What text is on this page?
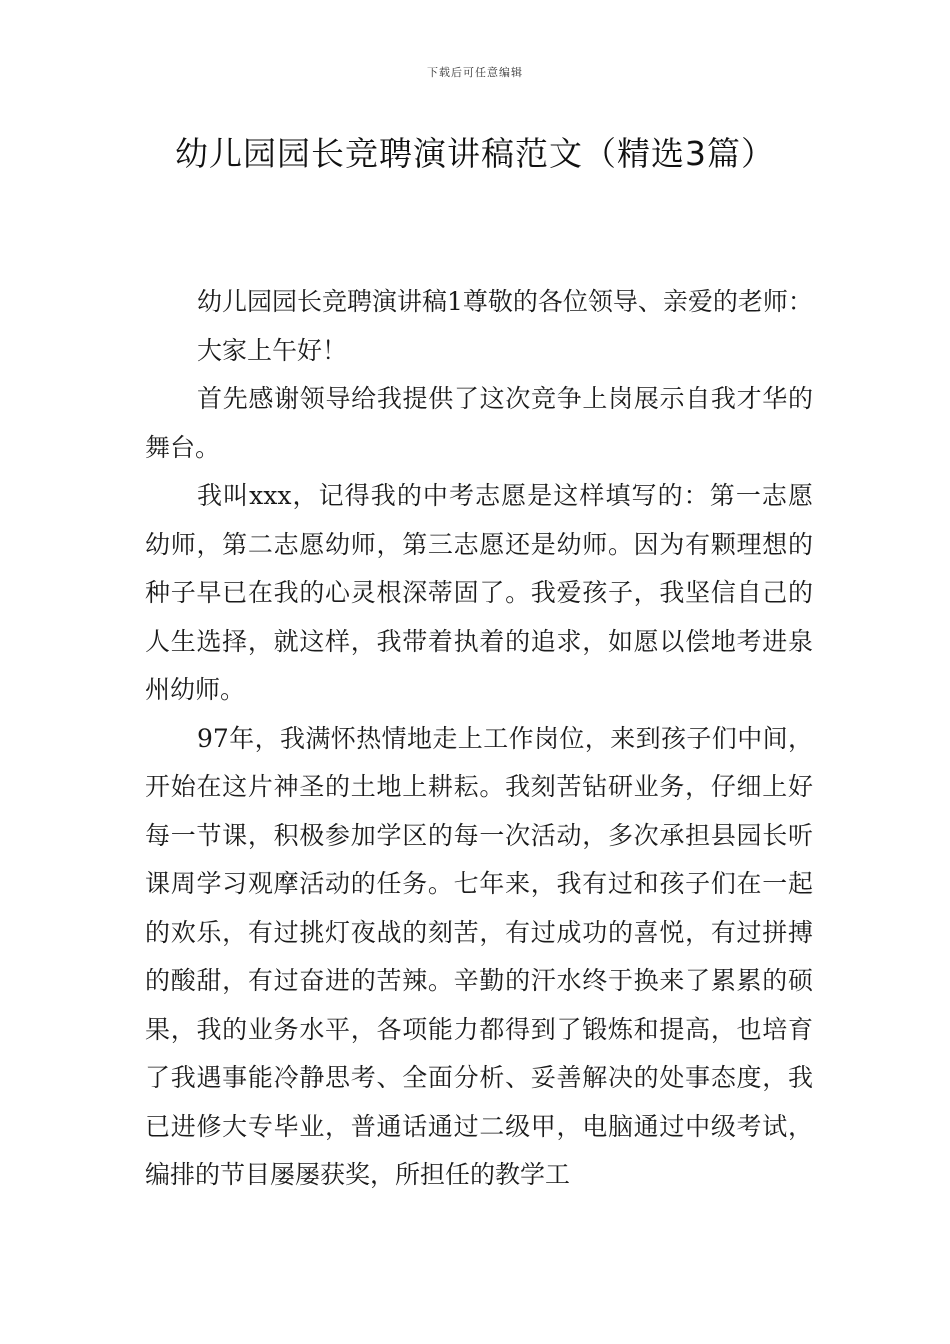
下载后可任意编辑
幼儿园园长竞聘演讲稿范文（精选3篇）

幼儿园园长竞聘演讲稿1尊敬的各位领导、亲爱的老师：

大家上午好！

首先感谢领导给我提供了这次竞争上岗展示自我才华的舞台。

我叫xxx，记得我的中考志愿是这样填写的：第一志愿幼师，第二志愿幼师，第三志愿还是幼师。因为有颗理想的种子早已在我的心灵根深蒂固了。我爱孩子，我坚信自己的人生选择，就这样，我带着执着的追求，如愿以偿地考进泉州幼师。

97年，我满怀热情地走上工作岗位，来到孩子们中间，开始在这片神圣的土地上耕耘。我刻苦钻研业务，仔细上好每一节课，积极参加学区的每一次活动，多次承担县园长听课周学习观摩活动的任务。七年来，我有过和孩子们在一起的欢乐，有过挑灯夜战的刻苦，有过成功的喜悦，有过拼搏的酸甜，有过奋进的苦辣。辛勤的汗水终于换来了累累的硕果，我的业务水平，各项能力都得到了锻炼和提高，也培育了我遇事能冷静思考、全面分析、妥善解决的处事态度，我已进修大专毕业，普通话通过二级甲，电脑通过中级考试，编排的节目屡屡获奖，所担任的教学工
